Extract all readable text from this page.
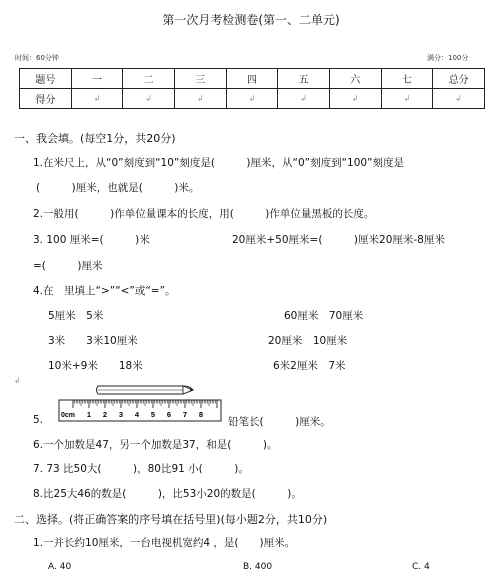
第一次月考检测卷(第一、二单元)
时间：60分钟	满分：100分
题号	一	二	三	四	五	六	七	总分
得分	↲	↲	↲	↲	↲	↲	↲	↲
一、我会填。(每空1分，共20分)
1.在米尺上，从“0”刻度到“10”刻度是(　　　)厘米，从“0”刻度到“100”刻度是
(　　　)厘米，也就是(　　　)米。
2.一般用(　　　)作单位量课本的长度，用(　　　)作单位量黑板的长度。
3. 100 厘米=(　　　)米	20厘米+50厘米=(　　　)厘米20厘米-8厘米
=(　　　)厘米
4.在　里填上“>”“<”或“=”。
5厘米　5米	60厘米　70厘米
3米　　3米10厘米	20厘米　10厘米
10米+9米　　18米	6米2厘米　7米
↲
5.	0cm 1 2 3 4 5 6 7 8
铅笔长(　　　)厘米。
6.一个加数是47，另一个加数是37，和是(　　　)。
7. 73 比50大(　　　)，80比91 小(　　　)。
8.比25大46的数是(　　　)，比53小20的数是(　　　)。
二、选择。(将正确答案的序号填在括号里)(每小题2分，共10分)
1.一并长约10厘米，一台电视机宽约4 ，是(　　)厘米。
A. 40	B. 400	C. 4
